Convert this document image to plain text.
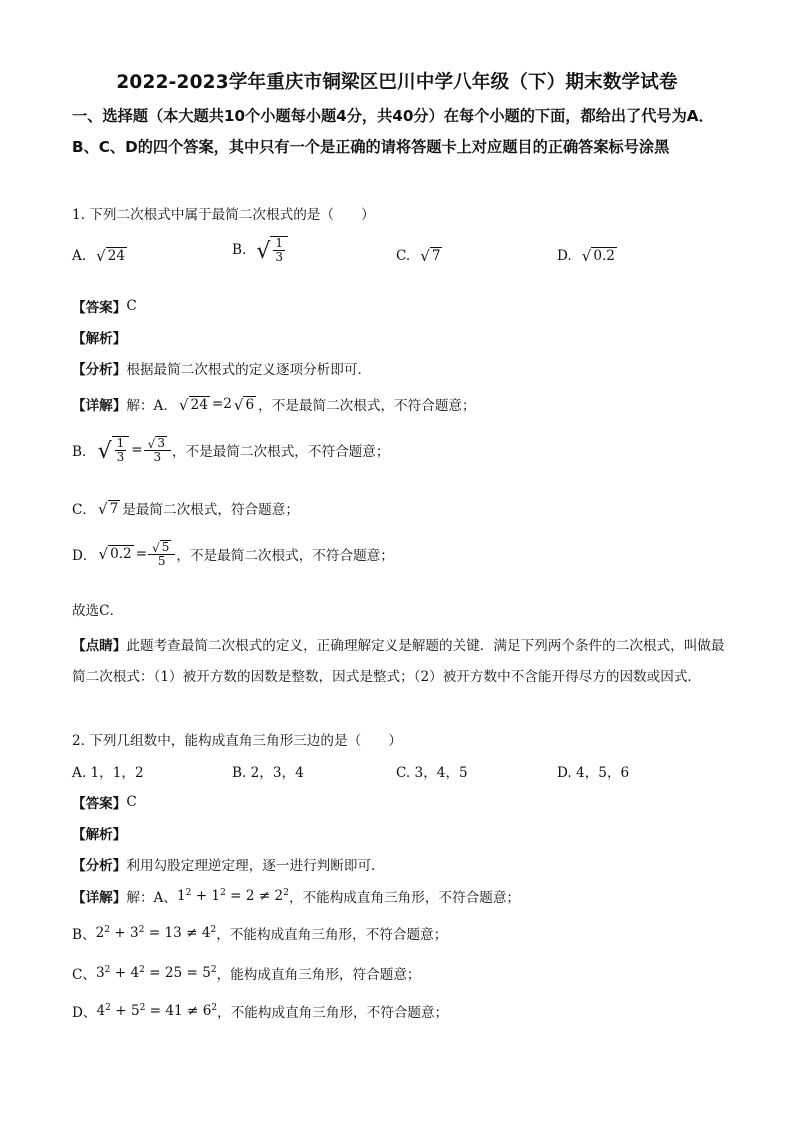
2022-2023学年重庆市铜梁区巴川中学八年级（下）期末数学试卷
一、选择题（本大题共10个小题每小题4分，共40分）在每个小题的下面，都给出了代号为A．B、C、D的四个答案，其中只有一个是正确的请将答题卡上对应题目的正确答案标号涂黑
1. 下列二次根式中属于最简二次根式的是（　　）
A. √ 24	B. √ $\frac{1}{3}$	C. √ 7	D. √ 0.2
【答案】 C
【解析】
【分析】 根据最简二次根式的定义逐项分析即可．
【详解】 解：A． √ 24 =2 √ 6 ，不是最简二次根式，不符合题意；
B． √ $\frac{1}{3} = \frac{√ 3}{3}$ ，不是最简二次根式，不符合题意；
C． √ 7 是最简二次根式，符合题意；
D． √ $0.2 = \frac{√ 5}{5}$ ，不是最简二次根式，不符合题意；
故选C．
【点睛】此题考查最简二次根式的定义，正确理解定义是解题的关键．满足下列两个条件的二次根式，叫做最简二次根式：（1）被开方数的因数是整数，因式是整式；（2）被开方数中不含能开得尽方的因数或因式．
2. 下列几组数中，能构成直角三角形三边的是（　　）
A. 1，1，2	B. 2，3，4	C. 3，4，5	D. 4，5，6
【答案】 C
【解析】
【分析】 利用勾股定理逆定理，逐一进行判断即可．
【详解】 解：A、 $1^2 + 1^2 = 2 \ne 2^2$ ，不能构成直角三角形，不符合题意；
B、 $2^2 + 3^2 = 13 \ne 4^2$ ，不能构成直角三角形，不符合题意；
C、 $3^2 + 4^2 = 25 = 5^2$ ，能构成直角三角形，符合题意；
D、 $4^2 + 5^2 = 41 \ne 6^2$ ，不能构成直角三角形，不符合题意；
